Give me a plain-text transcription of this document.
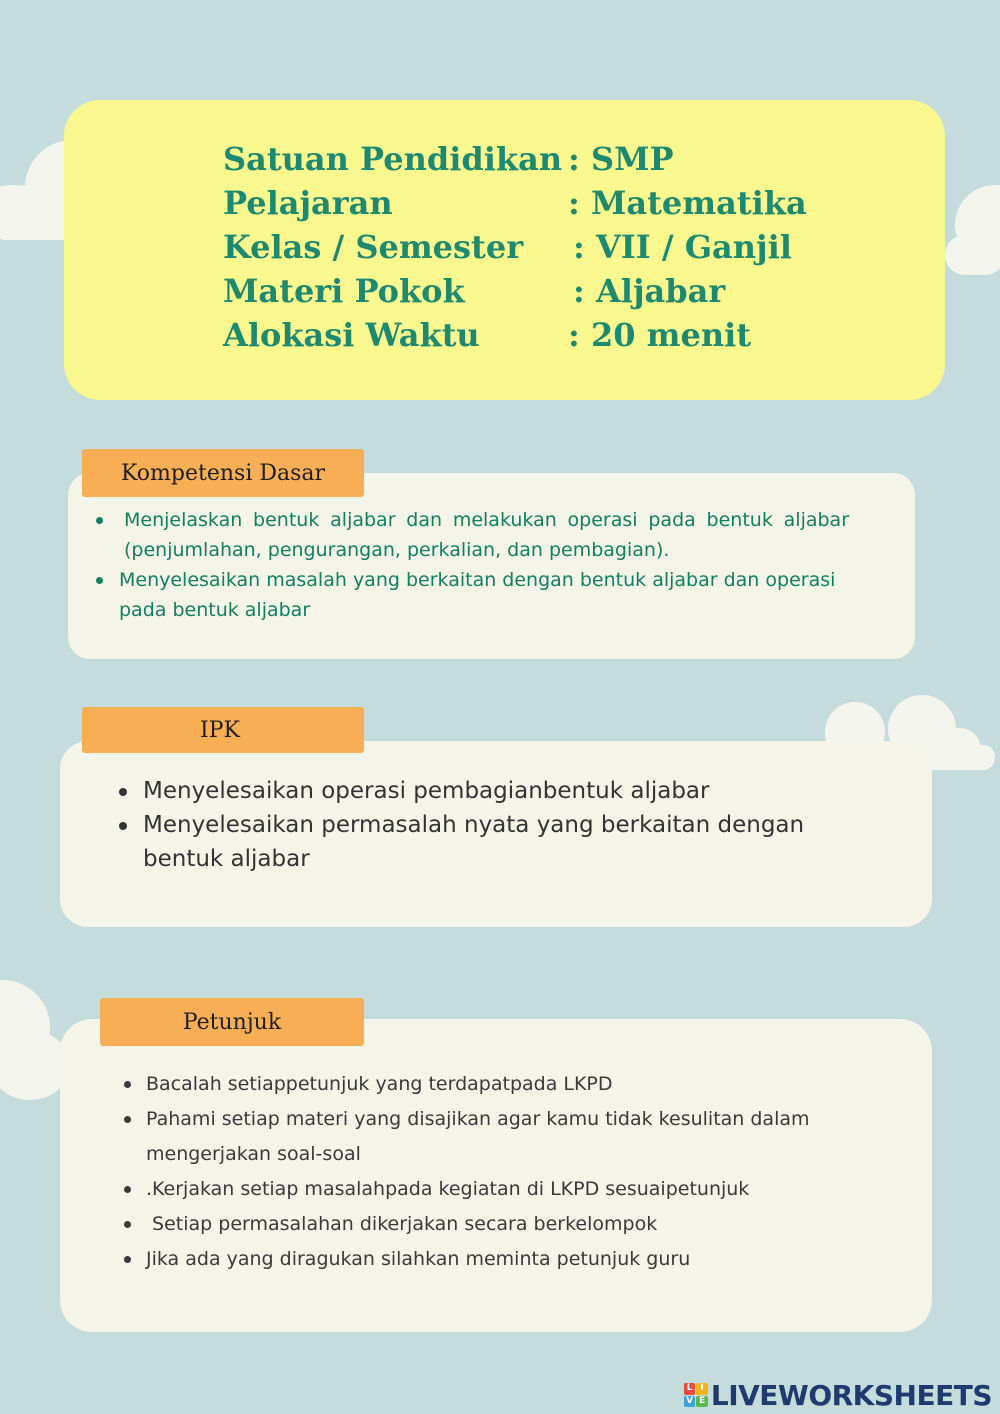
Satuan Pendidikan : SMP
Pelajaran	: Matematika
Kelas / Semester : VII / Ganjil
Materi Pokok	: Aljabar
Alokasi Waktu	: 20 menit
Menjelaskan bentuk aljabar dan melakukan operasi pada bentuk aljabar (penjumlahan, pengurangan, perkalian, dan pembagian).
Menyelesaikan masalah yang berkaitan dengan bentuk aljabar dan operasi pada bentuk aljabar
Kompetensi Dasar
Menyelesaikan operasi pembagianbentuk aljabar
Menyelesaikan permasalah nyata yang berkaitan dengan bentuk aljabar
IPK
Bacalah setiappetunjuk yang terdapatpada LKPD
Pahami setiap materi yang disajikan agar kamu tidak kesulitan dalam mengerjakan soal-soal
.Kerjakan setiap masalahpada kegiatan di LKPD sesuaipetunjuk
Setiap permasalahan dikerjakan secara berkelompok
Jika ada yang diragukan silahkan meminta petunjuk guru
Petunjuk
L I
V E LIVEWORKSHEETS
